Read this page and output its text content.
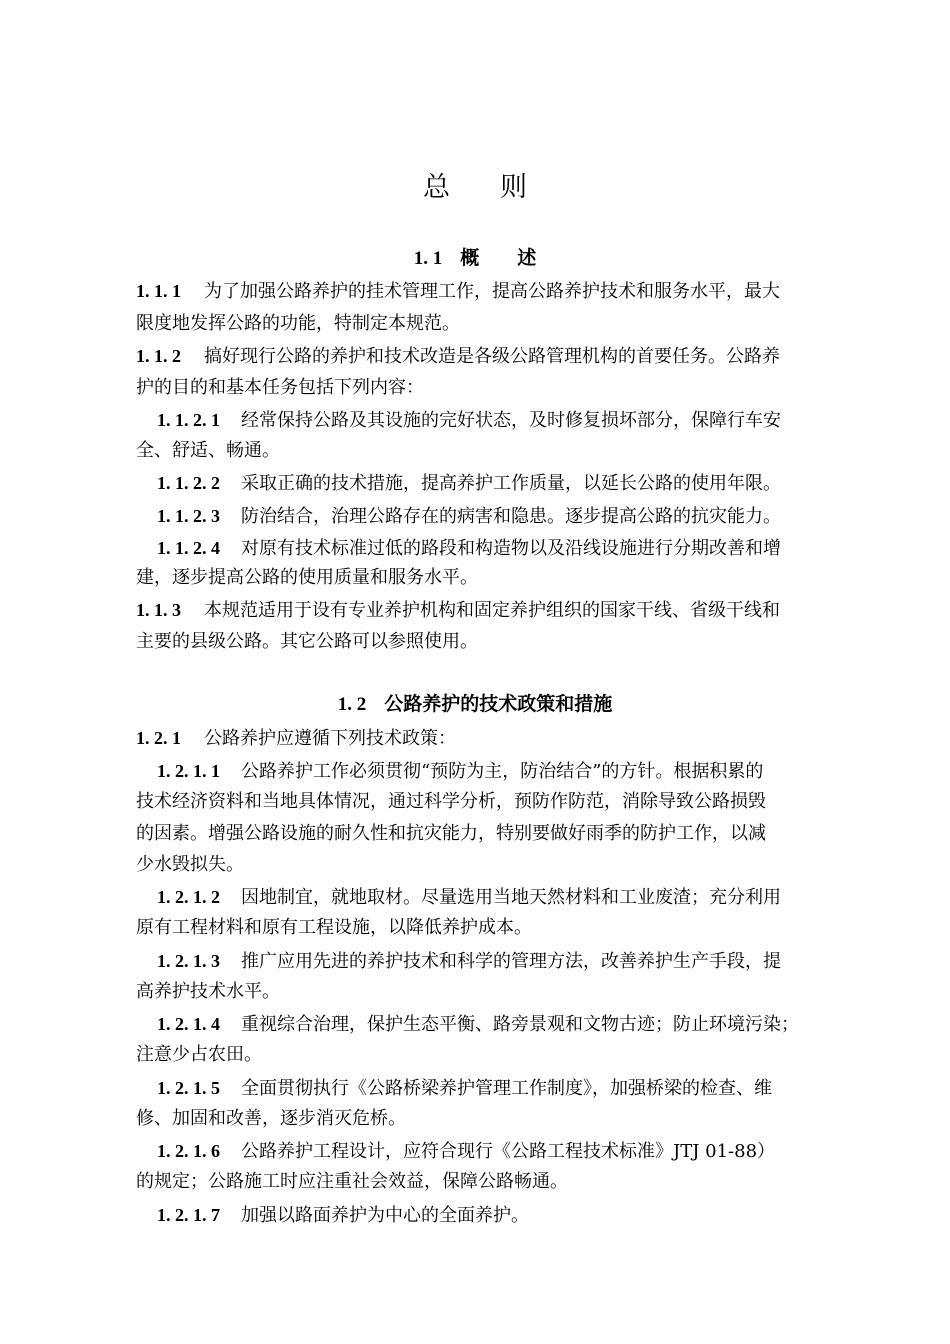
总 则
1. 1 概　　述
1. 1. 1 为了加强公路养护的挂术管理工作，提高公路养护技术和服务水平，最大
限度地发挥公路的功能，特制定本规范。
1. 1. 2 搞好现行公路的养护和技术改造是各级公路管理机构的首要任务。公路养
护的目的和基本任务包括下列内容：
1. 1. 2. 1 经常保持公路及其设施的完好状态，及时修复损坏部分，保障行车安
全、舒适、畅通。
1. 1. 2. 2 采取正确的技术措施，提高养护工作质量，以延长公路的使用年限。
1. 1. 2. 3 防治结合，治理公路存在的病害和隐患。逐步提高公路的抗灾能力。
1. 1. 2. 4 对原有技术标准过低的路段和构造物以及沿线设施进行分期改善和增
建，逐步提高公路的使用质量和服务水平。
1. 1. 3 本规范适用于设有专业养护机构和固定养护组织的国家干线、省级干线和
主要的县级公路。其它公路可以参照使用。
1. 2 公路养护的技术政策和措施
1. 2. 1 公路养护应遵循下列技术政策：
1. 2. 1. 1 公路养护工作必须贯彻“预防为主，防治结合”的方针。根据积累的
技术经济资料和当地具体情况，通过科学分析，预防作防范，消除导致公路损毁
的因素。增强公路设施的耐久性和抗灾能力，特别要做好雨季的防护工作，以减
少水毁拟失。
1. 2. 1. 2 因地制宜，就地取材。尽量选用当地天然材料和工业废渣；充分利用
原有工程材料和原有工程设施，以降低养护成本。
1. 2. 1. 3 推广应用先进的养护技术和科学的管理方法，改善养护生产手段，提
高养护技术水平。
1. 2. 1. 4 重视综合治理，保护生态平衡、路旁景观和文物古迹；防止环境污染；
注意少占农田。
1. 2. 1. 5 全面贯彻执行《公路桥梁养护管理工作制度》，加强桥梁的检查、维
修、加固和改善，逐步消灭危桥。
1. 2. 1. 6 公路养护工程设计，应符合现行《公路工程技术标准》JTJ 01-88）
的规定；公路施工时应注重社会效益，保障公路畅通。
1. 2. 1. 7 加强以路面养护为中心的全面养护。
